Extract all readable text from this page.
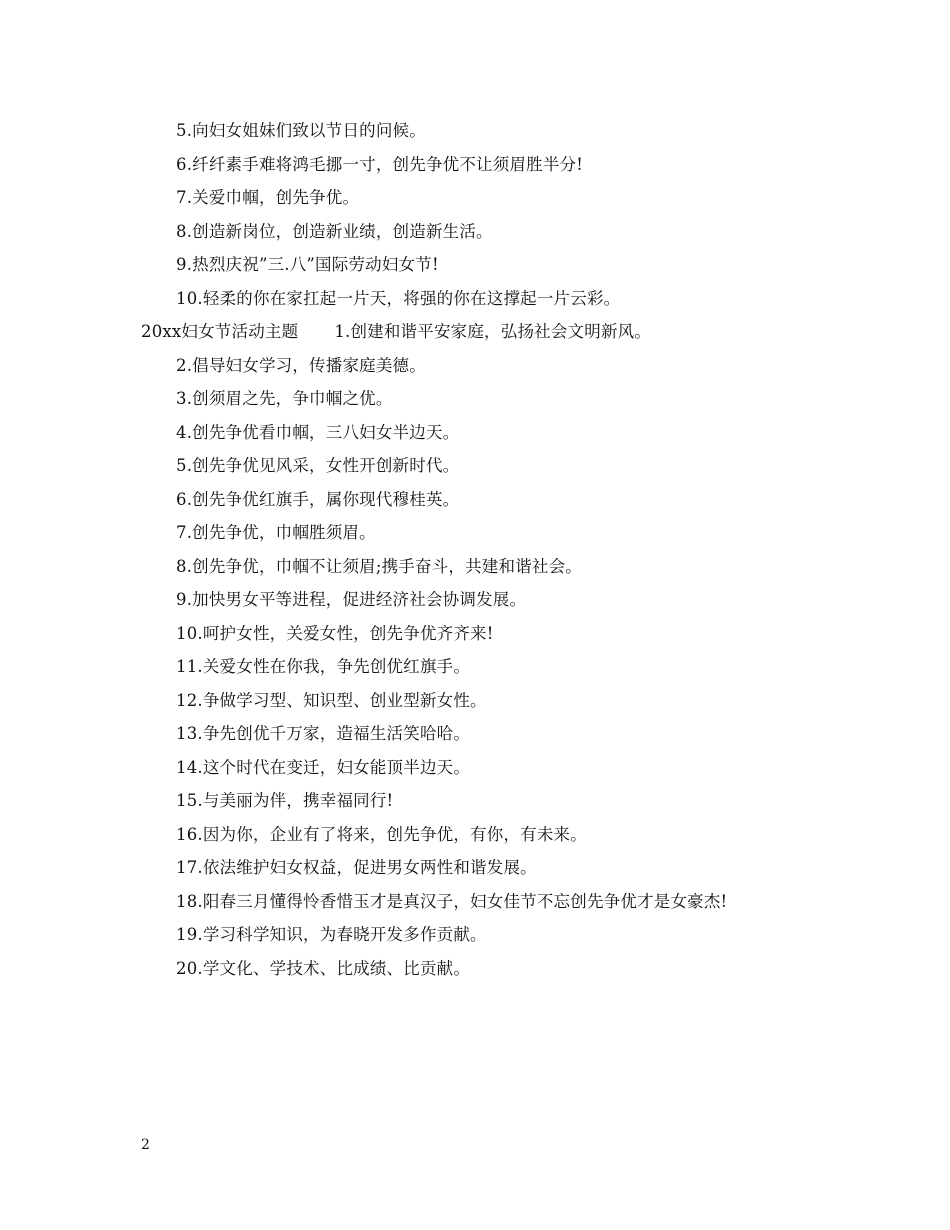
5.向妇女姐妹们致以节日的问候。
6.纤纤素手难将鸿毛挪一寸，创先争优不让须眉胜半分!
7.关爱巾帼，创先争优。
8.创造新岗位，创造新业绩，创造新生活。
9.热烈庆祝”三.八”国际劳动妇女节!
10.轻柔的你在家扛起一片天，将强的你在这撑起一片云彩。
20xx妇女节活动主题 1.创建和谐平安家庭，弘扬社会文明新风。
2.倡导妇女学习，传播家庭美德。
3.创须眉之先，争巾帼之优。
4.创先争优看巾帼，三八妇女半边天。
5.创先争优见风采，女性开创新时代。
6.创先争优红旗手，属你现代穆桂英。
7.创先争优，巾帼胜须眉。
8.创先争优，巾帼不让须眉;携手奋斗，共建和谐社会。
9.加快男女平等进程，促进经济社会协调发展。
10.呵护女性，关爱女性，创先争优齐齐来!
11.关爱女性在你我，争先创优红旗手。
12.争做学习型、知识型、创业型新女性。
13.争先创优千万家，造福生活笑哈哈。
14.这个时代在变迁，妇女能顶半边天。
15.与美丽为伴，携幸福同行!
16.因为你，企业有了将来，创先争优，有你，有未来。
17.依法维护妇女权益，促进男女两性和谐发展。
18.阳春三月懂得怜香惜玉才是真汉子，妇女佳节不忘创先争优才是女豪杰!
19.学习科学知识，为春晓开发多作贡献。
20.学文化、学技术、比成绩、比贡献。
2
